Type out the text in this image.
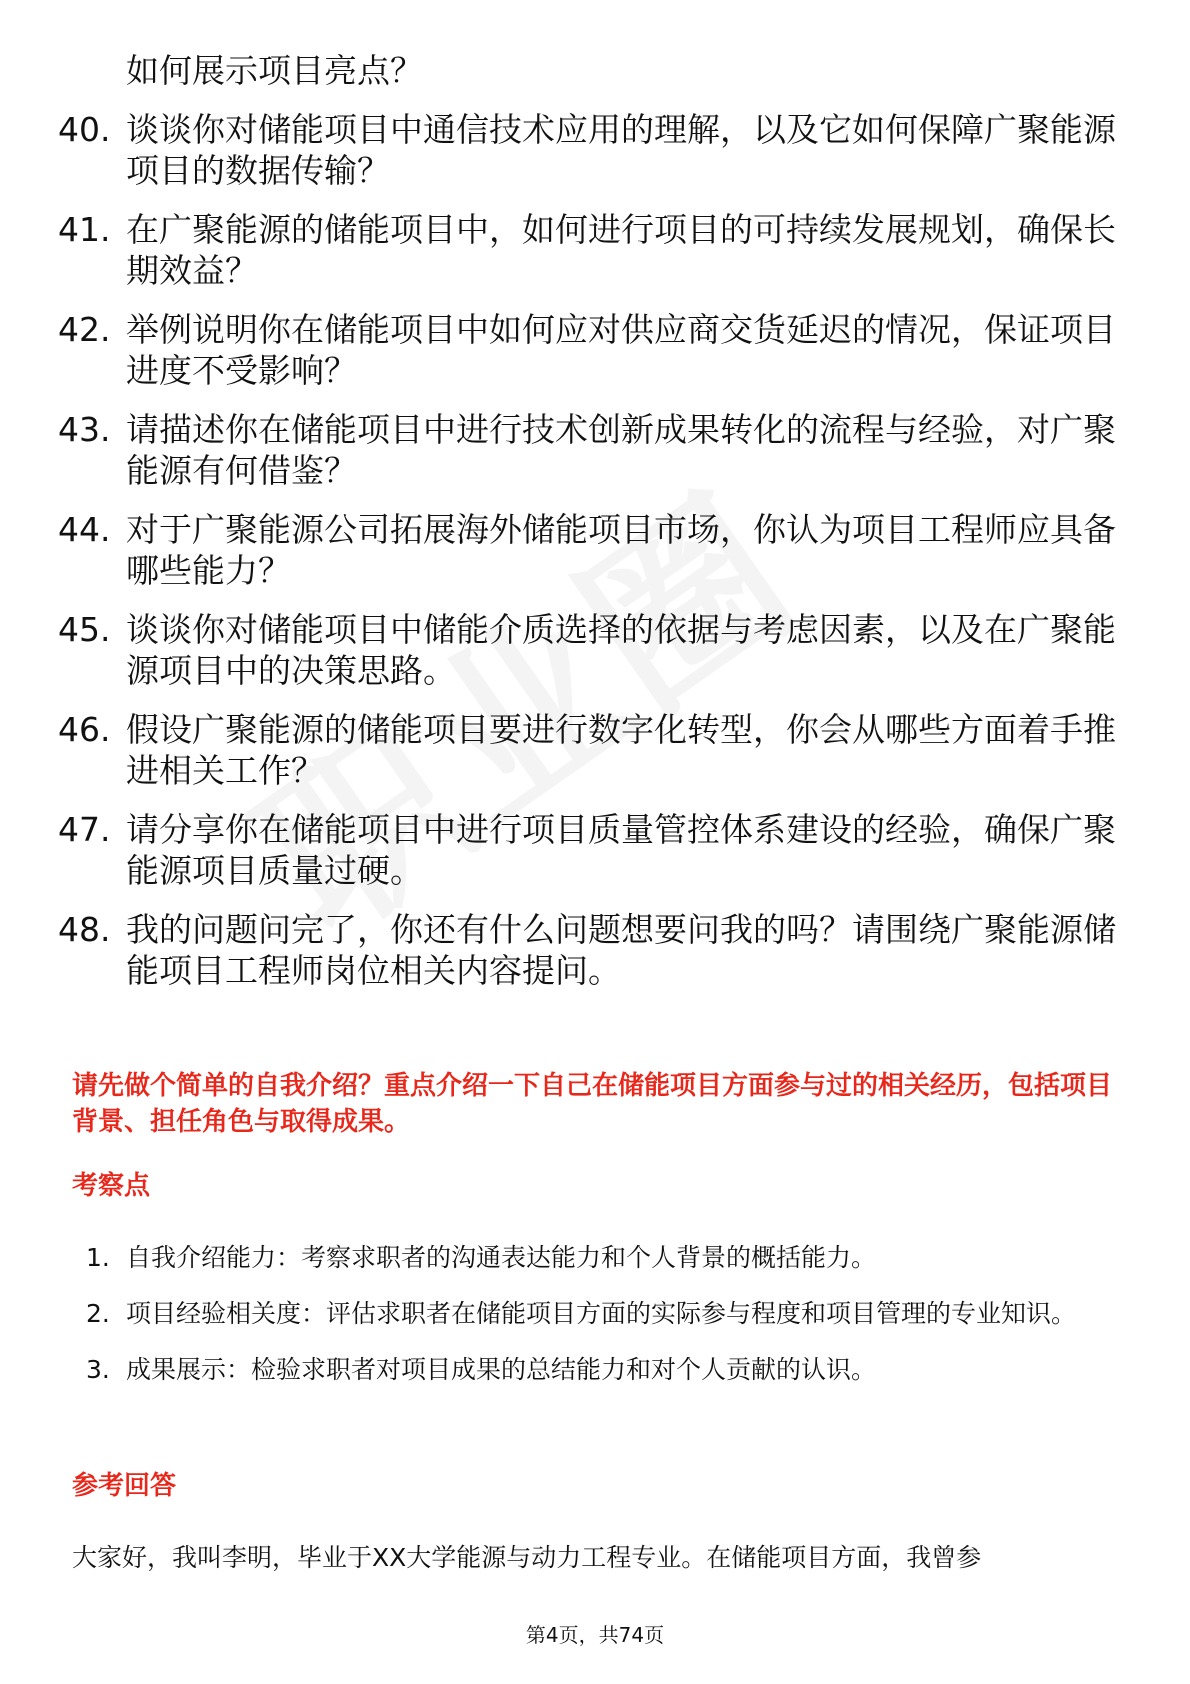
如何展示项目亮点？
40. 谈谈你对储能项目中通信技术应用的理解，以及它如何保障广聚能源项目的数据传输？
41. 在广聚能源的储能项目中，如何进行项目的可持续发展规划，确保长期效益？
42. 举例说明你在储能项目中如何应对供应商交货延迟的情况，保证项目进度不受影响？
43. 请描述你在储能项目中进行技术创新成果转化的流程与经验，对广聚能源有何借鉴？
44. 对于广聚能源公司拓展海外储能项目市场，你认为项目工程师应具备哪些能力？
45. 谈谈你对储能项目中储能介质选择的依据与考虑因素，以及在广聚能源项目中的决策思路。
46. 假设广聚能源的储能项目要进行数字化转型，你会从哪些方面着手推进相关工作？
47. 请分享你在储能项目中进行项目质量管控体系建设的经验，确保广聚能源项目质量过硬。
48. 我的问题问完了，你还有什么问题想要问我的吗？请围绕广聚能源储能项目工程师岗位相关内容提问。
请先做个简单的自我介绍？重点介绍一下自己在储能项目方面参与过的相关经历，包括项目背景、担任角色与取得成果。
考察点
1. 自我介绍能力：考察求职者的沟通表达能力和个人背景的概括能力。
2. 项目经验相关度：评估求职者在储能项目方面的实际参与程度和项目管理的专业知识。
3. 成果展示：检验求职者对项目成果的总结能力和对个人贡献的认识。
参考回答
大家好，我叫李明，毕业于XX大学能源与动力工程专业。在储能项目方面，我曾参
第4页，共74页
